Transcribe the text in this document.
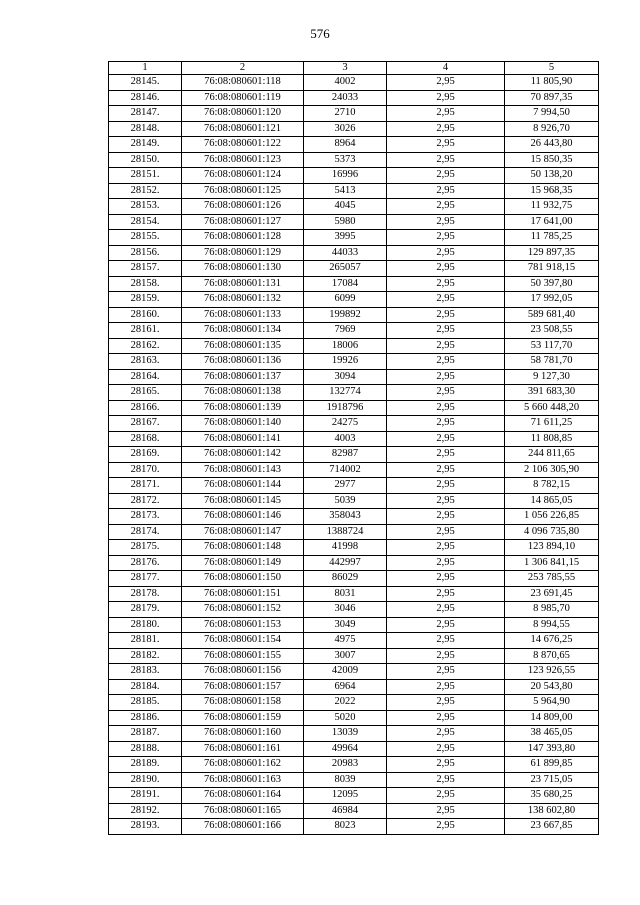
576
1	2	3	4	5
28145.	76:08:080601:118	4002	2,95	11 805,90
28146.	76:08:080601:119	24033	2,95	70 897,35
28147.	76:08:080601:120	2710	2,95	7 994,50
28148.	76:08:080601:121	3026	2,95	8 926,70
28149.	76:08:080601:122	8964	2,95	26 443,80
28150.	76:08:080601:123	5373	2,95	15 850,35
28151.	76:08:080601:124	16996	2,95	50 138,20
28152.	76:08:080601:125	5413	2,95	15 968,35
28153.	76:08:080601:126	4045	2,95	11 932,75
28154.	76:08:080601:127	5980	2,95	17 641,00
28155.	76:08:080601:128	3995	2,95	11 785,25
28156.	76:08:080601:129	44033	2,95	129 897,35
28157.	76:08:080601:130	265057	2,95	781 918,15
28158.	76:08:080601:131	17084	2,95	50 397,80
28159.	76:08:080601:132	6099	2,95	17 992,05
28160.	76:08:080601:133	199892	2,95	589 681,40
28161.	76:08:080601:134	7969	2,95	23 508,55
28162.	76:08:080601:135	18006	2,95	53 117,70
28163.	76:08:080601:136	19926	2,95	58 781,70
28164.	76:08:080601:137	3094	2,95	9 127,30
28165.	76:08:080601:138	132774	2,95	391 683,30
28166.	76:08:080601:139	1918796	2,95	5 660 448,20
28167.	76:08:080601:140	24275	2,95	71 611,25
28168.	76:08:080601:141	4003	2,95	11 808,85
28169.	76:08:080601:142	82987	2,95	244 811,65
28170.	76:08:080601:143	714002	2,95	2 106 305,90
28171.	76:08:080601:144	2977	2,95	8 782,15
28172.	76:08:080601:145	5039	2,95	14 865,05
28173.	76:08:080601:146	358043	2,95	1 056 226,85
28174.	76:08:080601:147	1388724	2,95	4 096 735,80
28175.	76:08:080601:148	41998	2,95	123 894,10
28176.	76:08:080601:149	442997	2,95	1 306 841,15
28177.	76:08:080601:150	86029	2,95	253 785,55
28178.	76:08:080601:151	8031	2,95	23 691,45
28179.	76:08:080601:152	3046	2,95	8 985,70
28180.	76:08:080601:153	3049	2,95	8 994,55
28181.	76:08:080601:154	4975	2,95	14 676,25
28182.	76:08:080601:155	3007	2,95	8 870,65
28183.	76:08:080601:156	42009	2,95	123 926,55
28184.	76:08:080601:157	6964	2,95	20 543,80
28185.	76:08:080601:158	2022	2,95	5 964,90
28186.	76:08:080601:159	5020	2,95	14 809,00
28187.	76:08:080601:160	13039	2,95	38 465,05
28188.	76:08:080601:161	49964	2,95	147 393,80
28189.	76:08:080601:162	20983	2,95	61 899,85
28190.	76:08:080601:163	8039	2,95	23 715,05
28191.	76:08:080601:164	12095	2,95	35 680,25
28192.	76:08:080601:165	46984	2,95	138 602,80
28193.	76:08:080601:166	8023	2,95	23 667,85
